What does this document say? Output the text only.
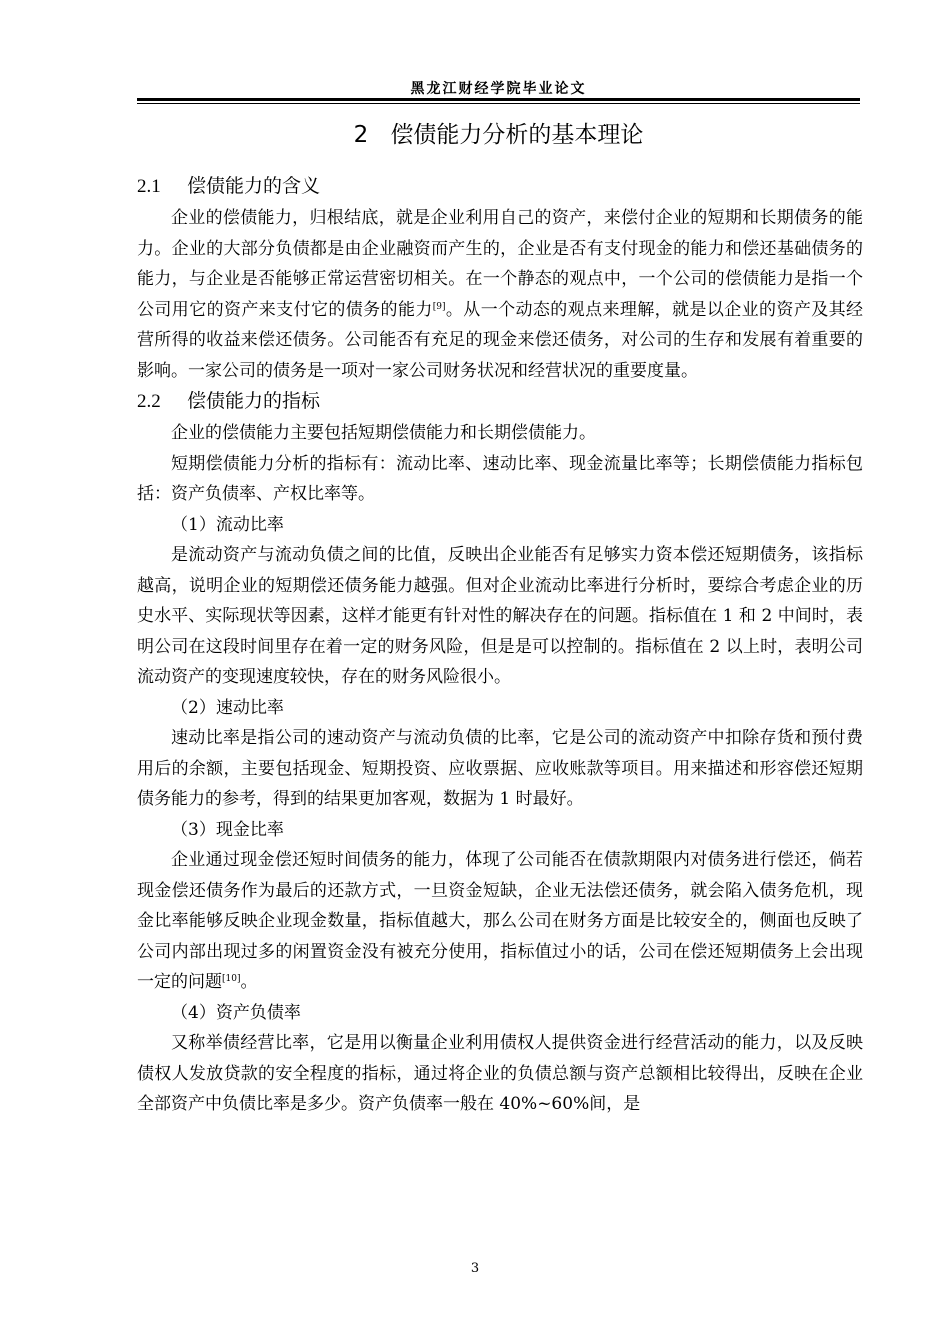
黑龙江财经学院毕业论文
2 偿债能力分析的基本理论
2.1 偿债能力的含义

企业的偿债能力，归根结底，就是企业利用自己的资产，来偿付企业的短期和长期债务的能力。企业的大部分负债都是由企业融资而产生的，企业是否有支付现金的能力和偿还基础债务的能力，与企业是否能够正常运营密切相关。在一个静态的观点中，一个公司的偿债能力是指一个公司用它的资产来支付它的债务的能力[9]。从一个动态的观点来理解，就是以企业的资产及其经营所得的收益来偿还债务。公司能否有充足的现金来偿还债务，对公司的生存和发展有着重要的影响。一家公司的债务是一项对一家公司财务状况和经营状况的重要度量。

2.2 偿债能力的指标

企业的偿债能力主要包括短期偿债能力和长期偿债能力。

短期偿债能力分析的指标有：流动比率、速动比率、现金流量比率等；长期偿债能力指标包括：资产负债率、产权比率等。

（1）流动比率

是流动资产与流动负债之间的比值，反映出企业能否有足够实力资本偿还短期债务，该指标越高，说明企业的短期偿还债务能力越强。但对企业流动比率进行分析时，要综合考虑企业的历史水平、实际现状等因素，这样才能更有针对性的解决存在的问题。指标值在 1 和 2 中间时，表明公司在这段时间里存在着一定的财务风险，但是是可以控制的。指标值在 2 以上时，表明公司流动资产的变现速度较快，存在的财务风险很小。

（2）速动比率

速动比率是指公司的速动资产与流动负债的比率，它是公司的流动资产中扣除存货和预付费用后的余额，主要包括现金、短期投资、应收票据、应收账款等项目。用来描述和形容偿还短期债务能力的参考，得到的结果更加客观，数据为 1 时最好。

（3）现金比率

企业通过现金偿还短时间债务的能力，体现了公司能否在债款期限内对债务进行偿还，倘若现金偿还债务作为最后的还款方式，一旦资金短缺，企业无法偿还债务，就会陷入债务危机，现金比率能够反映企业现金数量，指标值越大，那么公司在财务方面是比较安全的，侧面也反映了公司内部出现过多的闲置资金没有被充分使用，指标值过小的话，公司在偿还短期债务上会出现一定的问题[10]。

（4）资产负债率

又称举债经营比率，它是用以衡量企业利用债权人提供资金进行经营活动的能力，以及反映债权人发放贷款的安全程度的指标，通过将企业的负债总额与资产总额相比较得出，反映在企业全部资产中负债比率是多少。资产负债率一般在 40%~60%间，是

3
